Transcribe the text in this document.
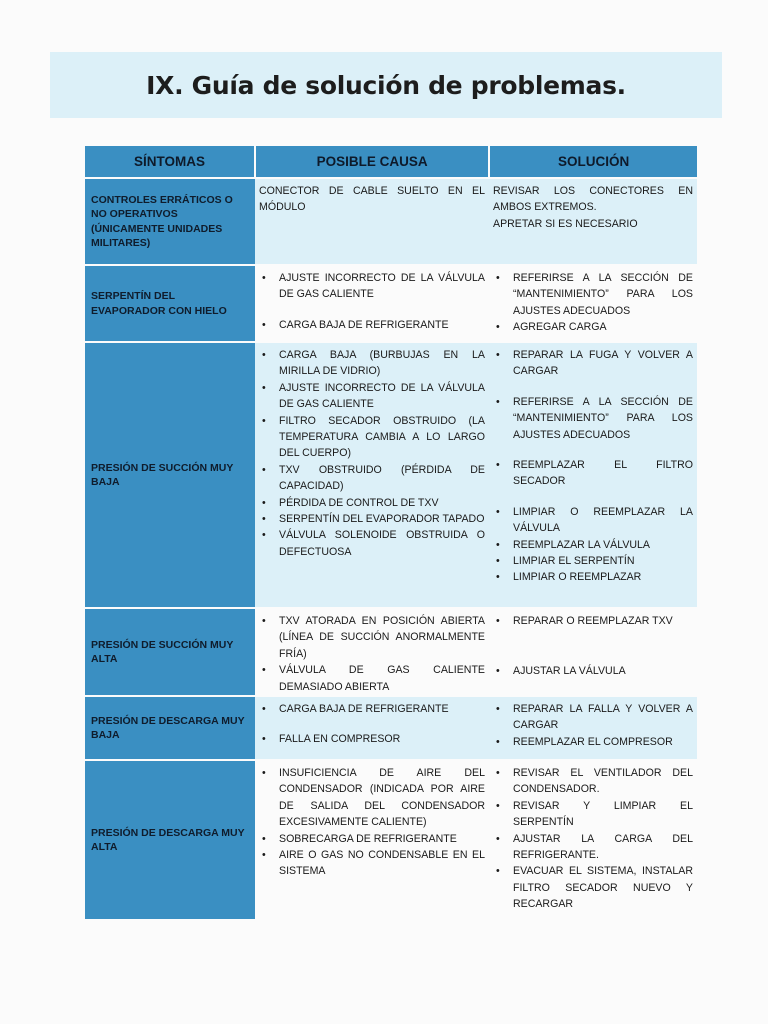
IX. Guía de solución de problemas.
SÍNTOMAS	POSIBLE CAUSA	SOLUCIÓN
CONTROLES ERRÁTICOS O NO OPERATIVOS (ÚNICAMENTE UNIDADES MILITARES)
CONECTOR DE CABLE SUELTO EN EL MÓDULO
REVISAR LOS CONECTORES EN AMBOS EXTREMOS.
APRETAR SI ES NECESARIO
SERPENTÍN DEL EVAPORADOR CON HIELO
• AJUSTE INCORRECTO DE LA VÁLVULA DE GAS CALIENTE
• CARGA BAJA DE REFRIGERANTE
• REFERIRSE A LA SECCIÓN DE “MANTENIMIENTO” PARA LOS AJUSTES ADECUADOS
• AGREGAR CARGA
PRESIÓN DE SUCCIÓN MUY BAJA
• CARGA BAJA (BURBUJAS EN LA MIRILLA DE VIDRIO)
• AJUSTE INCORRECTO DE LA VÁLVULA DE GAS CALIENTE
• FILTRO SECADOR OBSTRUIDO (LA TEMPERATURA CAMBIA A LO LARGO DEL CUERPO)
• TXV OBSTRUIDO (PÉRDIDA DE CAPACIDAD)
• PÉRDIDA DE CONTROL DE TXV
• SERPENTÍN DEL EVAPORADOR TAPADO
• VÁLVULA SOLENOIDE OBSTRUIDA O DEFECTUOSA
• REPARAR LA FUGA Y VOLVER A CARGAR
• REFERIRSE A LA SECCIÓN DE “MANTENIMIENTO” PARA LOS AJUSTES ADECUADOS
• REEMPLAZAR EL FILTRO SECADOR
• LIMPIAR O REEMPLAZAR LA VÁLVULA
• REEMPLAZAR LA VÁLVULA
• LIMPIAR EL SERPENTÍN
• LIMPIAR O REEMPLAZAR
PRESIÓN DE SUCCIÓN MUY ALTA
• TXV ATORADA EN POSICIÓN ABIERTA (LÍNEA DE SUCCIÓN ANORMALMENTE FRÍA)
• VÁLVULA DE GAS CALIENTE DEMASIADO ABIERTA
• REPARAR O REEMPLAZAR TXV
• AJUSTAR LA VÁLVULA
PRESIÓN DE DESCARGA MUY BAJA
• CARGA BAJA DE REFRIGERANTE
• FALLA EN COMPRESOR
• REPARAR LA FALLA Y VOLVER A CARGAR
• REEMPLAZAR EL COMPRESOR
PRESIÓN DE DESCARGA MUY ALTA
• INSUFICIENCIA DE AIRE DEL CONDENSADOR (INDICADA POR AIRE DE SALIDA DEL CONDENSADOR EXCESIVAMENTE CALIENTE)
• SOBRECARGA DE REFRIGERANTE
• AIRE O GAS NO CONDENSABLE EN EL SISTEMA
• REVISAR EL VENTILADOR DEL CONDENSADOR.
• REVISAR Y LIMPIAR EL SERPENTÍN
• AJUSTAR LA CARGA DEL REFRIGERANTE.
• EVACUAR EL SISTEMA, INSTALAR FILTRO SECADOR NUEVO Y RECARGAR
